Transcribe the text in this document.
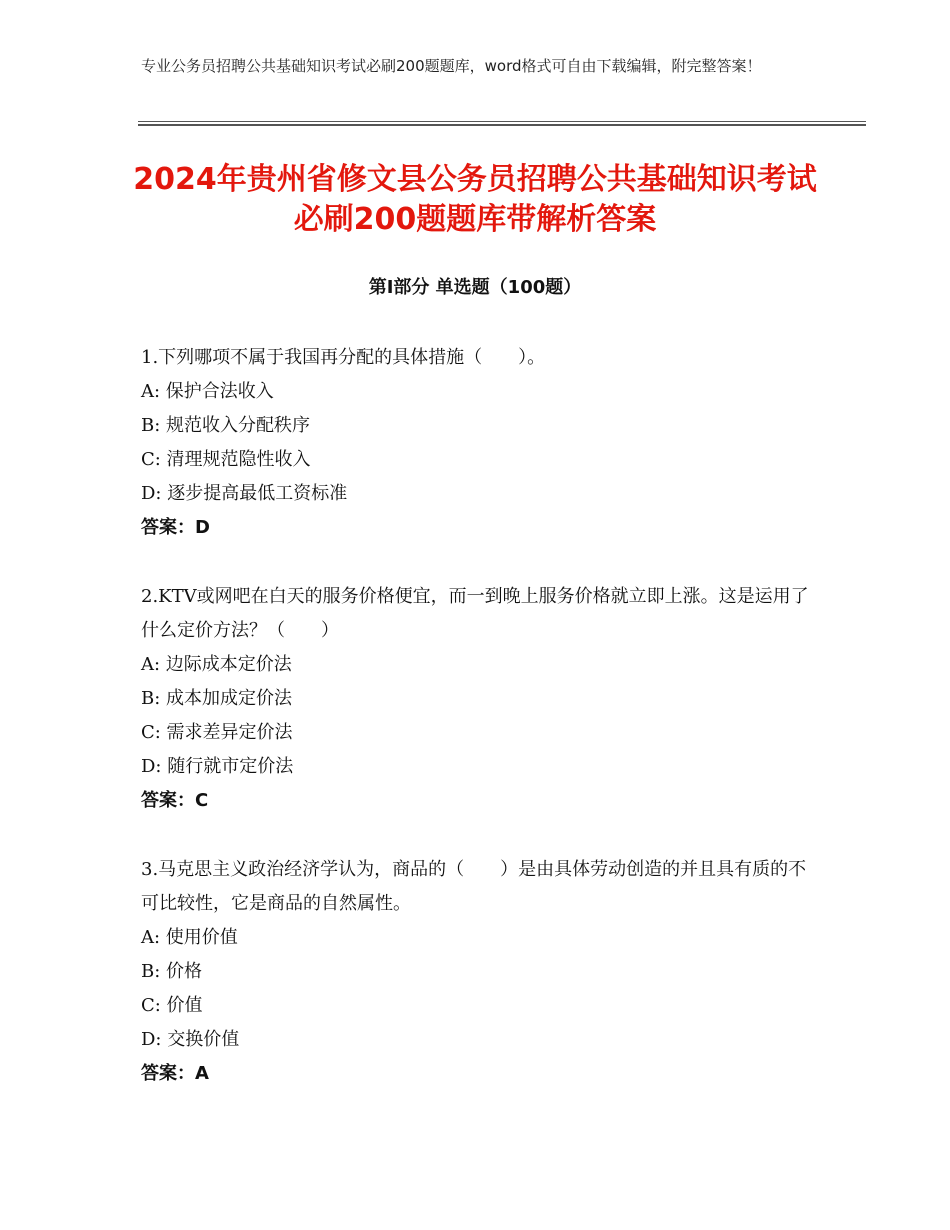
专业公务员招聘公共基础知识考试必刷200题题库，word格式可自由下载编辑，附完整答案！
2024年贵州省修文县公务员招聘公共基础知识考试必刷200题题库带解析答案
第Ⅰ部分 单选题（100题）
1.下列哪项不属于我国再分配的具体措施（　　）。
A: 保护合法收入
B: 规范收入分配秩序
C: 清理规范隐性收入
D: 逐步提高最低工资标准
答案：D
2.KTV或网吧在白天的服务价格便宜，而一到晚上服务价格就立即上涨。这是运用了什么定价方法？（　　）
A: 边际成本定价法
B: 成本加成定价法
C: 需求差异定价法
D: 随行就市定价法
答案：C
3.马克思主义政治经济学认为，商品的（　　）是由具体劳动创造的并且具有质的不可比较性，它是商品的自然属性。
A: 使用价值
B: 价格
C: 价值
D: 交换价值
答案：A
